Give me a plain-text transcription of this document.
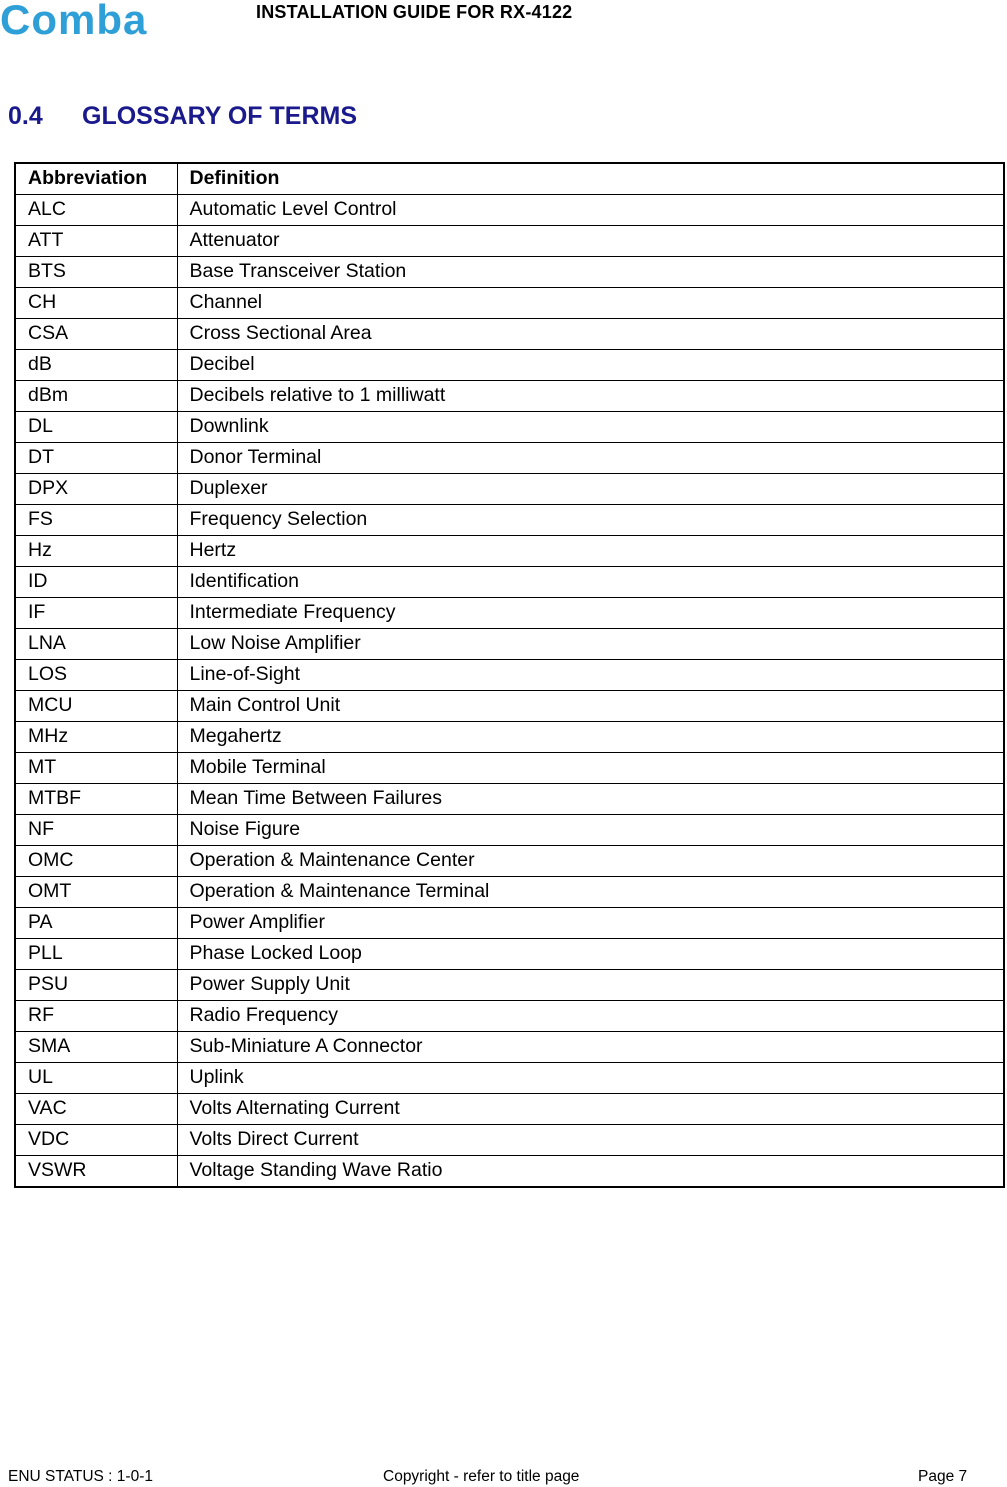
Comba	INSTALLATION GUIDE FOR RX-4122
0.4 GLOSSARY OF TERMS
Abbreviation	Definition
ALC	Automatic Level Control
ATT	Attenuator
BTS	Base Transceiver Station
CH	Channel
CSA	Cross Sectional Area
dB	Decibel
dBm	Decibels relative to 1 milliwatt
DL	Downlink
DT	Donor Terminal
DPX	Duplexer
FS	Frequency Selection
Hz	Hertz
ID	Identification
IF	Intermediate Frequency
LNA	Low Noise Amplifier
LOS	Line-of-Sight
MCU	Main Control Unit
MHz	Megahertz
MT	Mobile Terminal
MTBF	Mean Time Between Failures
NF	Noise Figure
OMC	Operation & Maintenance Center
OMT	Operation & Maintenance Terminal
PA	Power Amplifier
PLL	Phase Locked Loop
PSU	Power Supply Unit
RF	Radio Frequency
SMA	Sub-Miniature A Connector
UL	Uplink
VAC	Volts Alternating Current
VDC	Volts Direct Current
VSWR	Voltage Standing Wave Ratio
ENU STATUS : 1-0-1	Copyright - refer to title page	Page 7
